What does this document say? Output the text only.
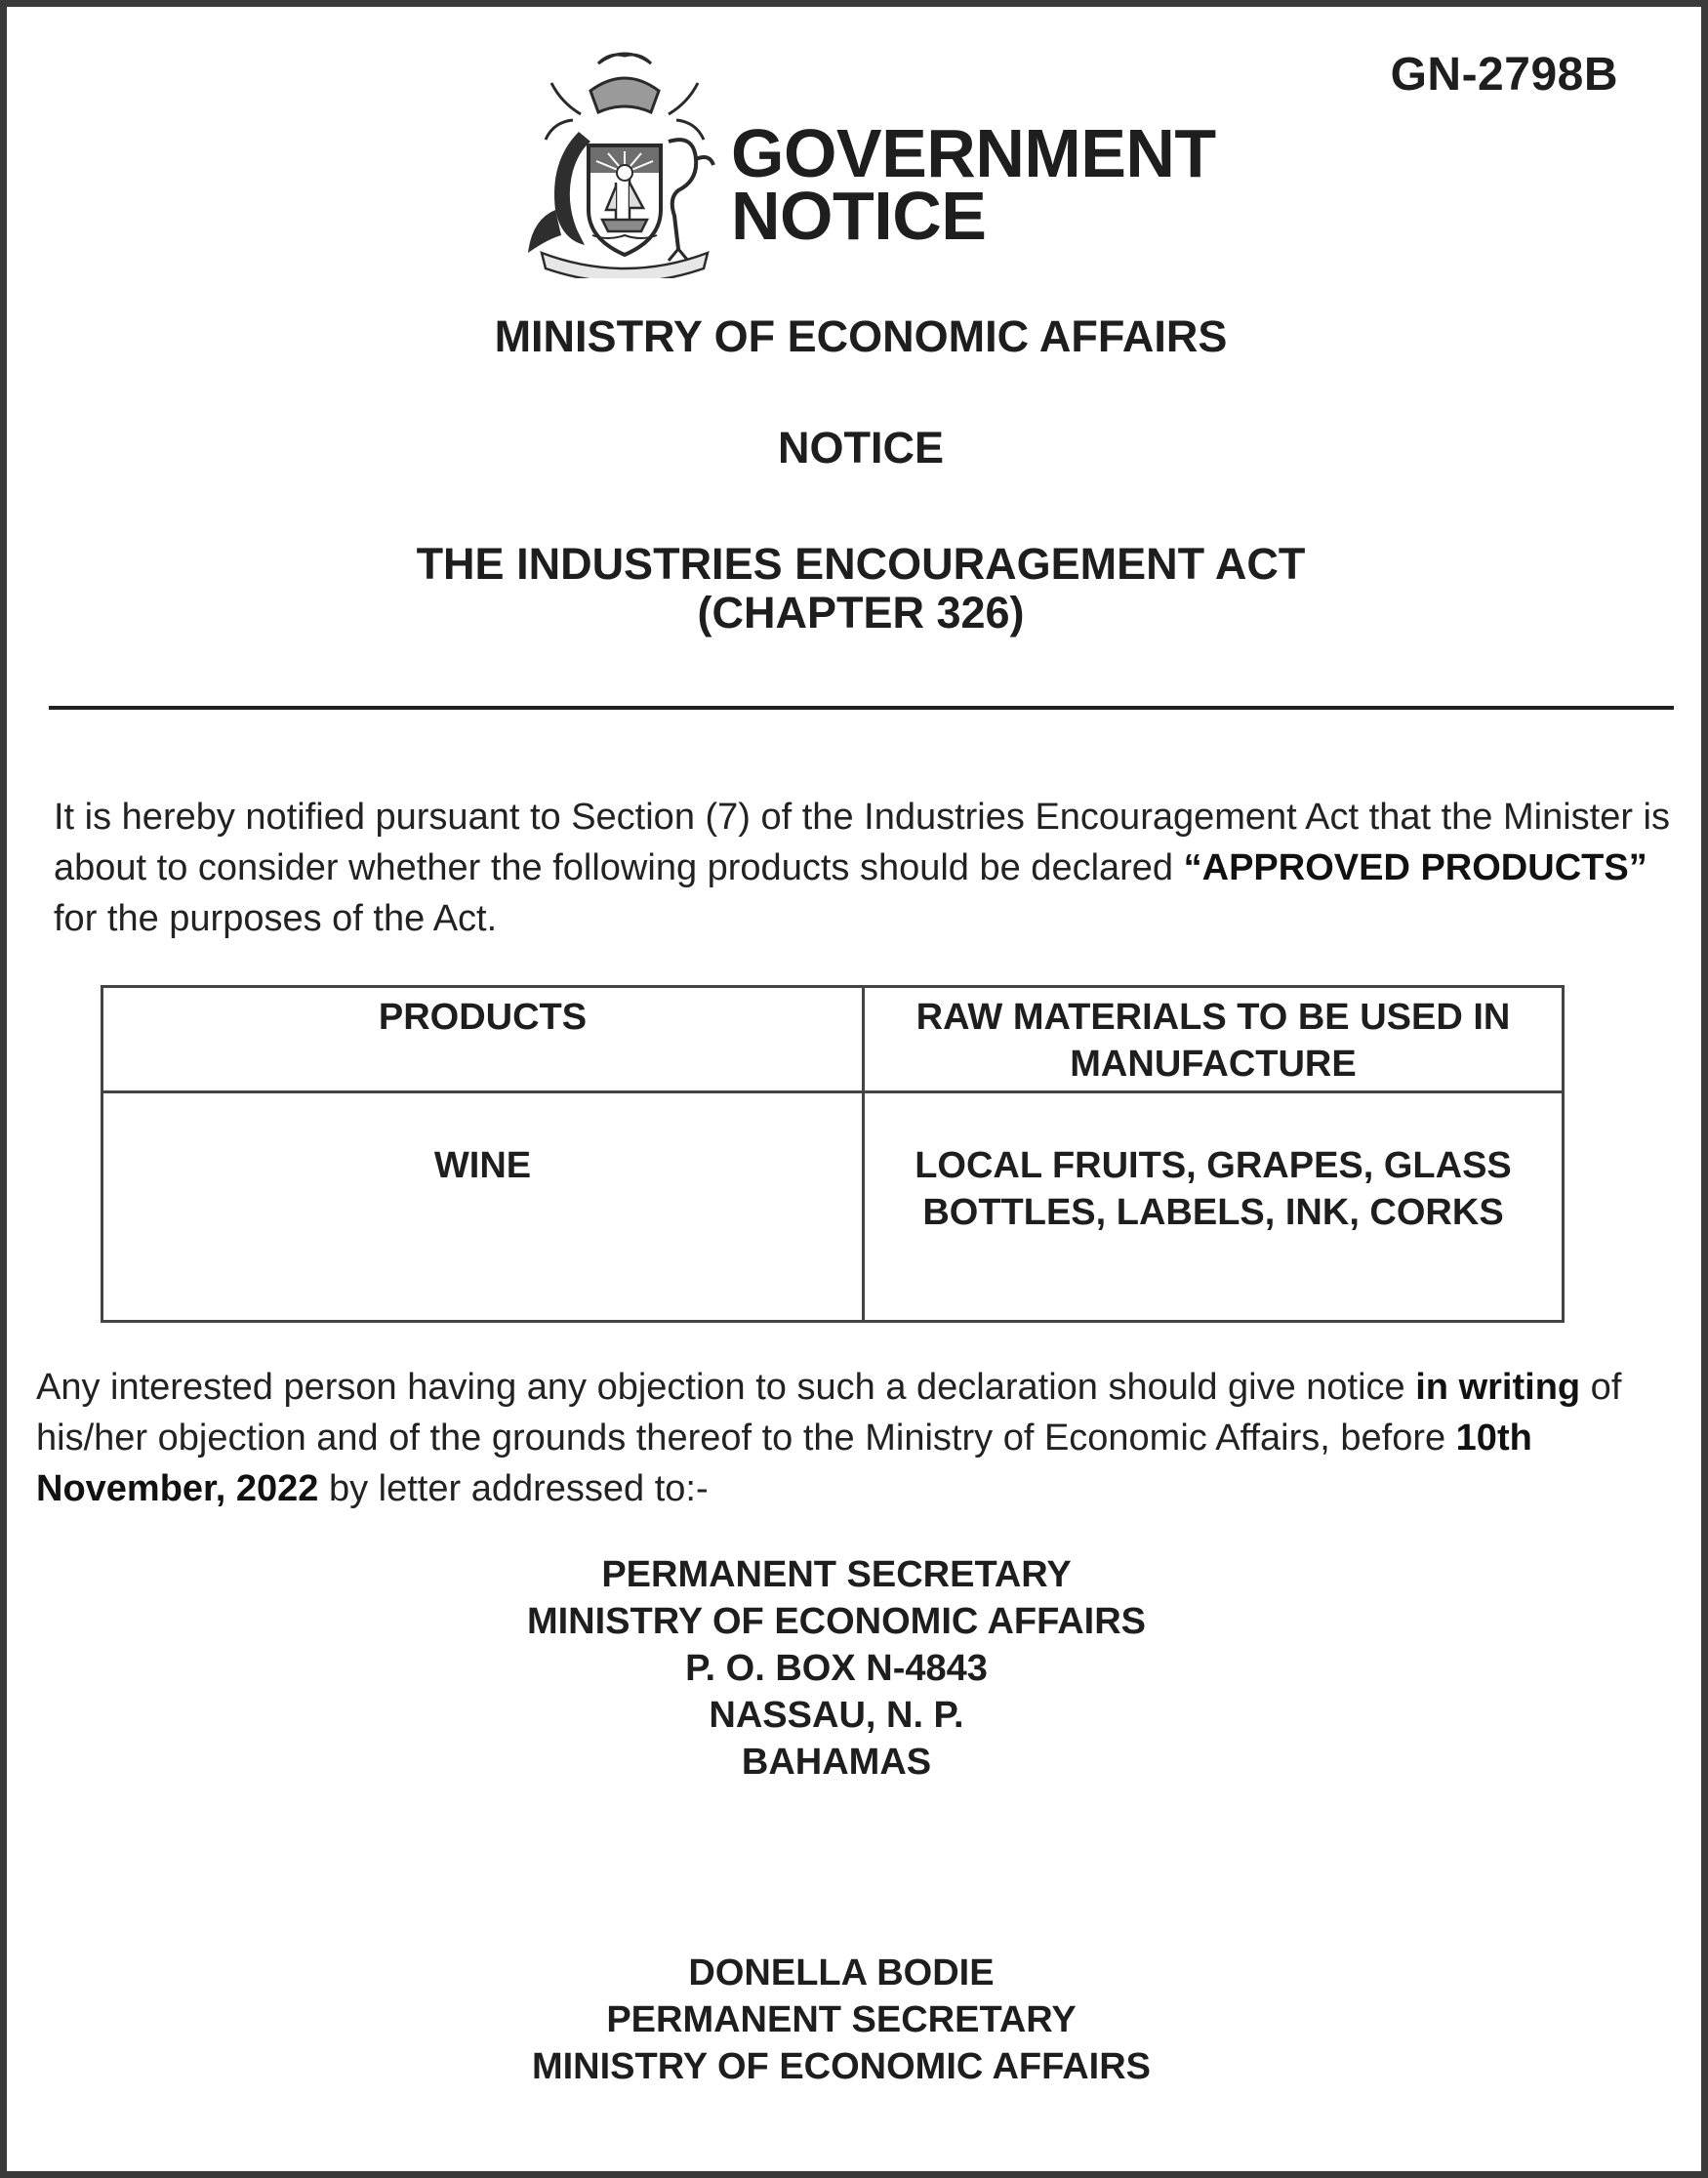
GN-2798B
GOVERNMENT
NOTICE
MINISTRY OF ECONOMIC AFFAIRS
NOTICE
THE INDUSTRIES ENCOURAGEMENT ACT
(CHAPTER 326)

It is hereby notified pursuant to Section (7) of the Industries Encouragement Act that the Minister is about to consider whether the following products should be declared “APPROVED PRODUCTS” for the purposes of the Act.

PRODUCTS	RAW MATERIALS TO BE USED IN MANUFACTURE
WINE	LOCAL FRUITS, GRAPES, GLASS BOTTLES, LABELS, INK, CORKS

Any interested person having any objection to such a declaration should give notice in writing of his/her objection and of the grounds thereof to the Ministry of Economic Affairs, before 10th November, 2022 by letter addressed to:-

PERMANENT SECRETARY
MINISTRY OF ECONOMIC AFFAIRS
P. O. BOX N-4843
NASSAU, N. P.
BAHAMAS
DONELLA BODIE
PERMANENT SECRETARY
MINISTRY OF ECONOMIC AFFAIRS
